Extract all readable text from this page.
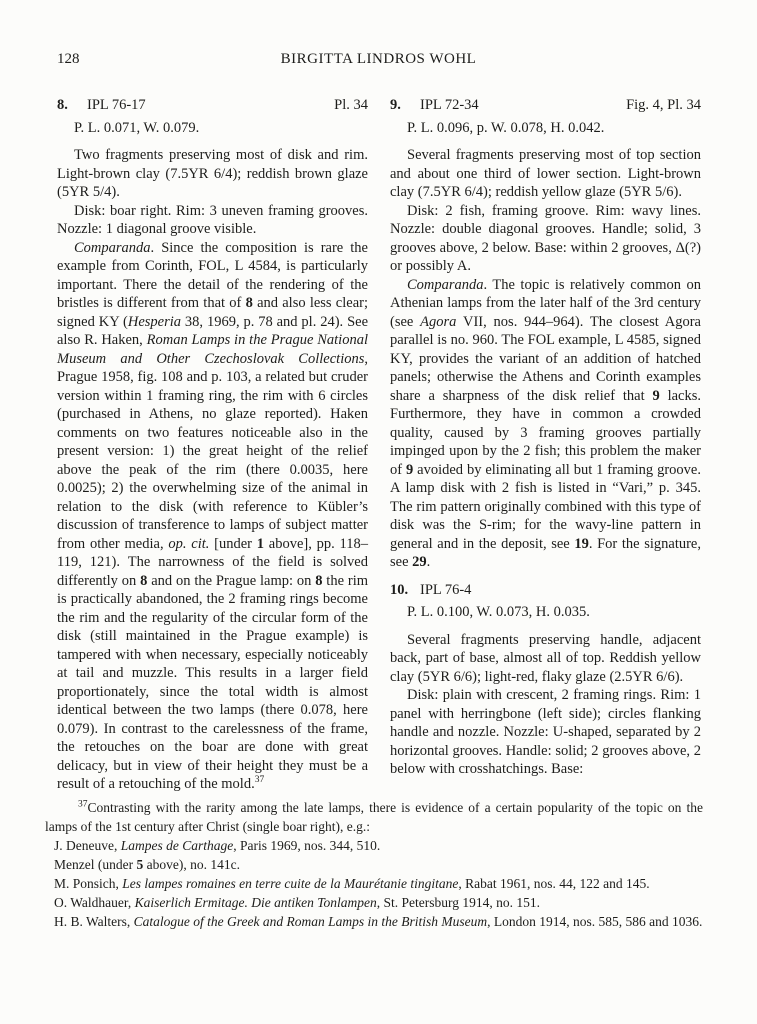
128	BIRGITTA LINDROS WOHL
8.	IPL 76-17	Pl. 34

P. L. 0.071, W. 0.079.

Two fragments preserving most of disk and rim. Light-brown clay (7.5YR 6/4); reddish brown glaze (5YR 5/4).

Disk: boar right. Rim: 3 uneven framing grooves. Nozzle: 1 diagonal groove visible.

Comparanda. Since the composition is rare the example from Corinth, FOL, L 4584, is particularly important. There the detail of the rendering of the bristles is different from that of 8 and also less clear; signed KY (Hesperia 38, 1969, p. 78 and pl. 24). See also R. Haken, Roman Lamps in the Prague National Museum and Other Czechoslovak Collections, Prague 1958, fig. 108 and p. 103, a related but cruder version within 1 framing ring, the rim with 6 circles (purchased in Athens, no glaze reported). Haken comments on two features noticeable also in the present version: 1) the great height of the relief above the peak of the rim (there 0.0035, here 0.0025); 2) the overwhelming size of the animal in relation to the disk (with reference to Kübler’s discussion of transference to lamps of subject matter from other media, op. cit. [under 1 above], pp. 118–119, 121). The narrowness of the field is solved differently on 8 and on the Prague lamp: on 8 the rim is practically abandoned, the 2 framing rings become the rim and the regularity of the circular form of the disk (still maintained in the Prague example) is tampered with when necessary, especially noticeably at tail and muzzle. This results in a larger field proportionately, since the total width is almost identical between the two lamps (there 0.078, here 0.079). In contrast to the carelessness of the frame, the retouches on the boar are done with great delicacy, but in view of their height they must be a result of a retouching of the mold.$^{37}$

9.	IPL 72-34	Fig. 4, Pl. 34

P. L. 0.096, p. W. 0.078, H. 0.042.

Several fragments preserving most of top section and about one third of lower section. Light-brown clay (7.5YR 6/4); reddish yellow glaze (5YR 5/6).

Disk: 2 fish, framing groove. Rim: wavy lines. Nozzle: double diagonal grooves. Handle; solid, 3 grooves above, 2 below. Base: within 2 grooves, Δ(?) or possibly A.

Comparanda. The topic is relatively common on Athenian lamps from the later half of the 3rd century (see Agora VII, nos. 944–964). The closest Agora parallel is no. 960. The FOL example, L 4585, signed KY, provides the variant of an addition of hatched panels; otherwise the Athens and Corinth examples share a sharpness of the disk relief that 9 lacks. Furthermore, they have in common a crowded quality, caused by 3 framing grooves partially impinged upon by the 2 fish; this problem the maker of 9 avoided by eliminating all but 1 framing groove. A lamp disk with 2 fish is listed in “Vari,” p. 345. The rim pattern originally combined with this type of disk was the S-rim; for the wavy-line pattern in general and in the deposit, see 19. For the signature, see 29.

10. IPL 76-4

P. L. 0.100, W. 0.073, H. 0.035.

Several fragments preserving handle, adjacent back, part of base, almost all of top. Reddish yellow clay (5YR 6/6); light-red, flaky glaze (2.5YR 6/6).

Disk: plain with crescent, 2 framing rings. Rim: 1 panel with herringbone (left side); circles flanking handle and nozzle. Nozzle: U-shaped, separated by 2 horizontal grooves. Handle: solid; 2 grooves above, 2 below with crosshatchings. Base:

$^{37}$Contrasting with the rarity among the late lamps, there is evidence of a certain popularity of the topic on the lamps of the 1st century after Christ (single boar right), e.g.:

J. Deneuve, Lampes de Carthage, Paris 1969, nos. 344, 510.

Menzel (under 5 above), no. 141c.

M. Ponsich, Les lampes romaines en terre cuite de la Maurétanie tingitane, Rabat 1961, nos. 44, 122 and 145.

O. Waldhauer, Kaiserlich Ermitage. Die antiken Tonlampen, St. Petersburg 1914, no. 151.

H. B. Walters, Catalogue of the Greek and Roman Lamps in the British Museum, London 1914, nos. 585, 586 and 1036.
